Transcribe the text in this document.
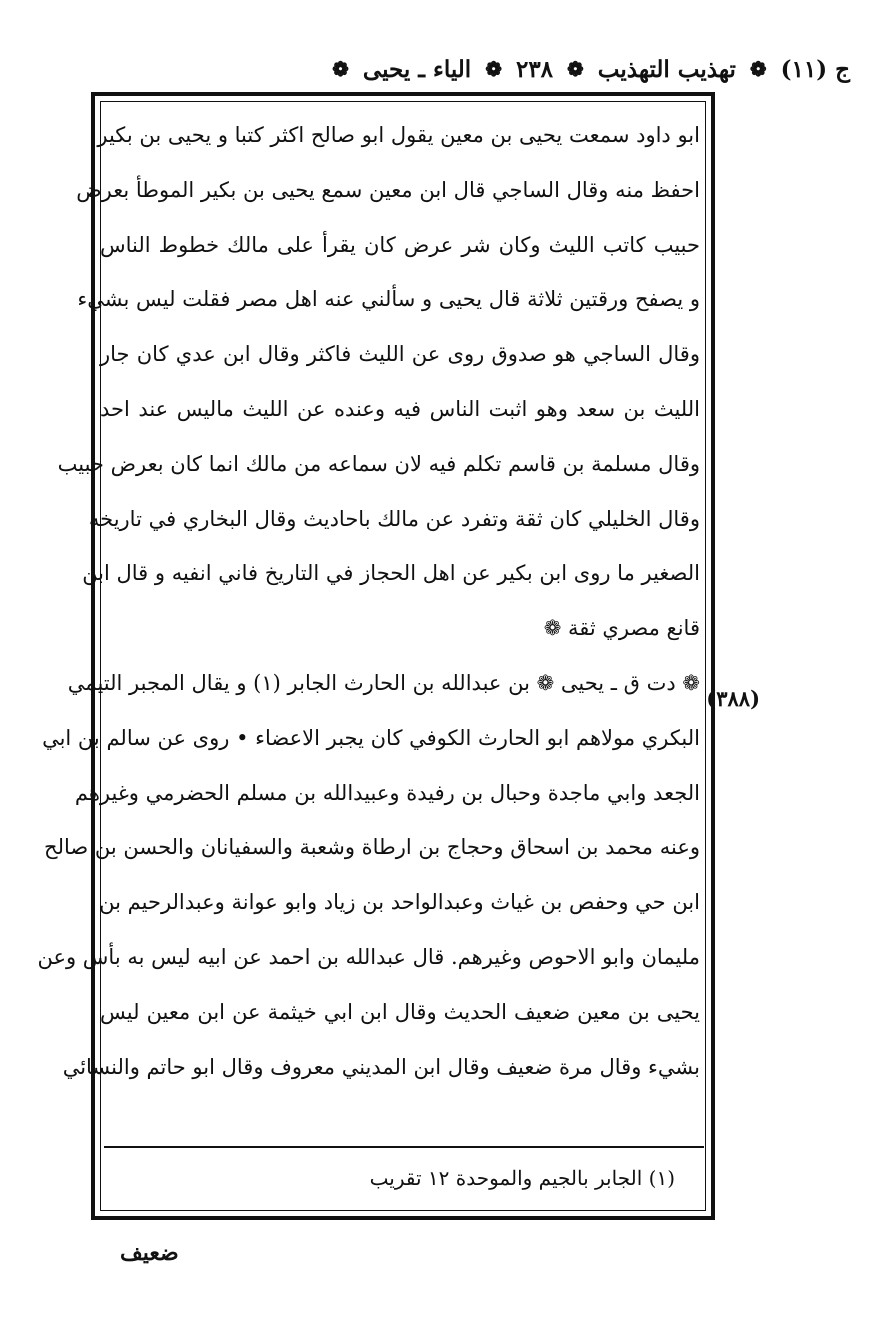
ج (١١)
❁
تهذيب التهذيب
❁
٢٣٨
❁
الياء ـ يحيى
❁
(٣٨٨)
ابو داود سمعت يحيى بن معين يقول ابو صالح اكثر كتبا و يحيى بن بكير
احفظ منه وقال الساجي قال ابن معين سمع يحيى بن بكير الموطأ بعرض
حبيب كاتب الليث وكان شر عرض كان يقرأ على مالك خطوط الناس
و يصفح ورقتين ثلاثة قال يحيى و سألني عنه اهل مصر فقلت ليس بشيء
وقال الساجي هو صدوق روى عن الليث فاكثر وقال ابن عدي كان جار
الليث بن سعد وهو اثبت الناس فيه وعنده عن الليث ماليس عند احد
وقال مسلمة بن قاسم تكلم فيه لان سماعه من مالك انما كان بعرض حبيب
وقال الخليلي كان ثقة وتفرد عن مالك باحاديث وقال البخاري في تاريخه
الصغير ما روى ابن بكير عن اهل الحجاز في التاريخ فاني انفيه و قال ابن
قانع مصري ثقة ❁
❁ دت ق ـ يحيى ❁ بن عبدالله بن الحارث الجابر (١) و يقال المجبر التيمي
البكري مولاهم ابو الحارث الكوفي كان يجبر الاعضاء • روى عن سالم بن ابي
الجعد وابي ماجدة وحبال بن رفيدة وعبيدالله بن مسلم الحضرمي وغيرهم
وعنه محمد بن اسحاق وحجاج بن ارطاة وشعبة والسفيانان والحسن بن صالح
ابن حي وحفص بن غياث وعبدالواحد بن زياد وابو عوانة وعبدالرحيم بن
مليمان وابو الاحوص وغيرهم. قال عبدالله بن احمد عن ابيه ليس به بأس وعن
يحيى بن معين ضعيف الحديث وقال ابن ابي خيثمة عن ابن معين ليس
بشيء وقال مرة ضعيف وقال ابن المديني معروف وقال ابو حاتم والنسائي
(١) الجابر بالجيم والموحدة ١٢ تقريب
ضعيف
